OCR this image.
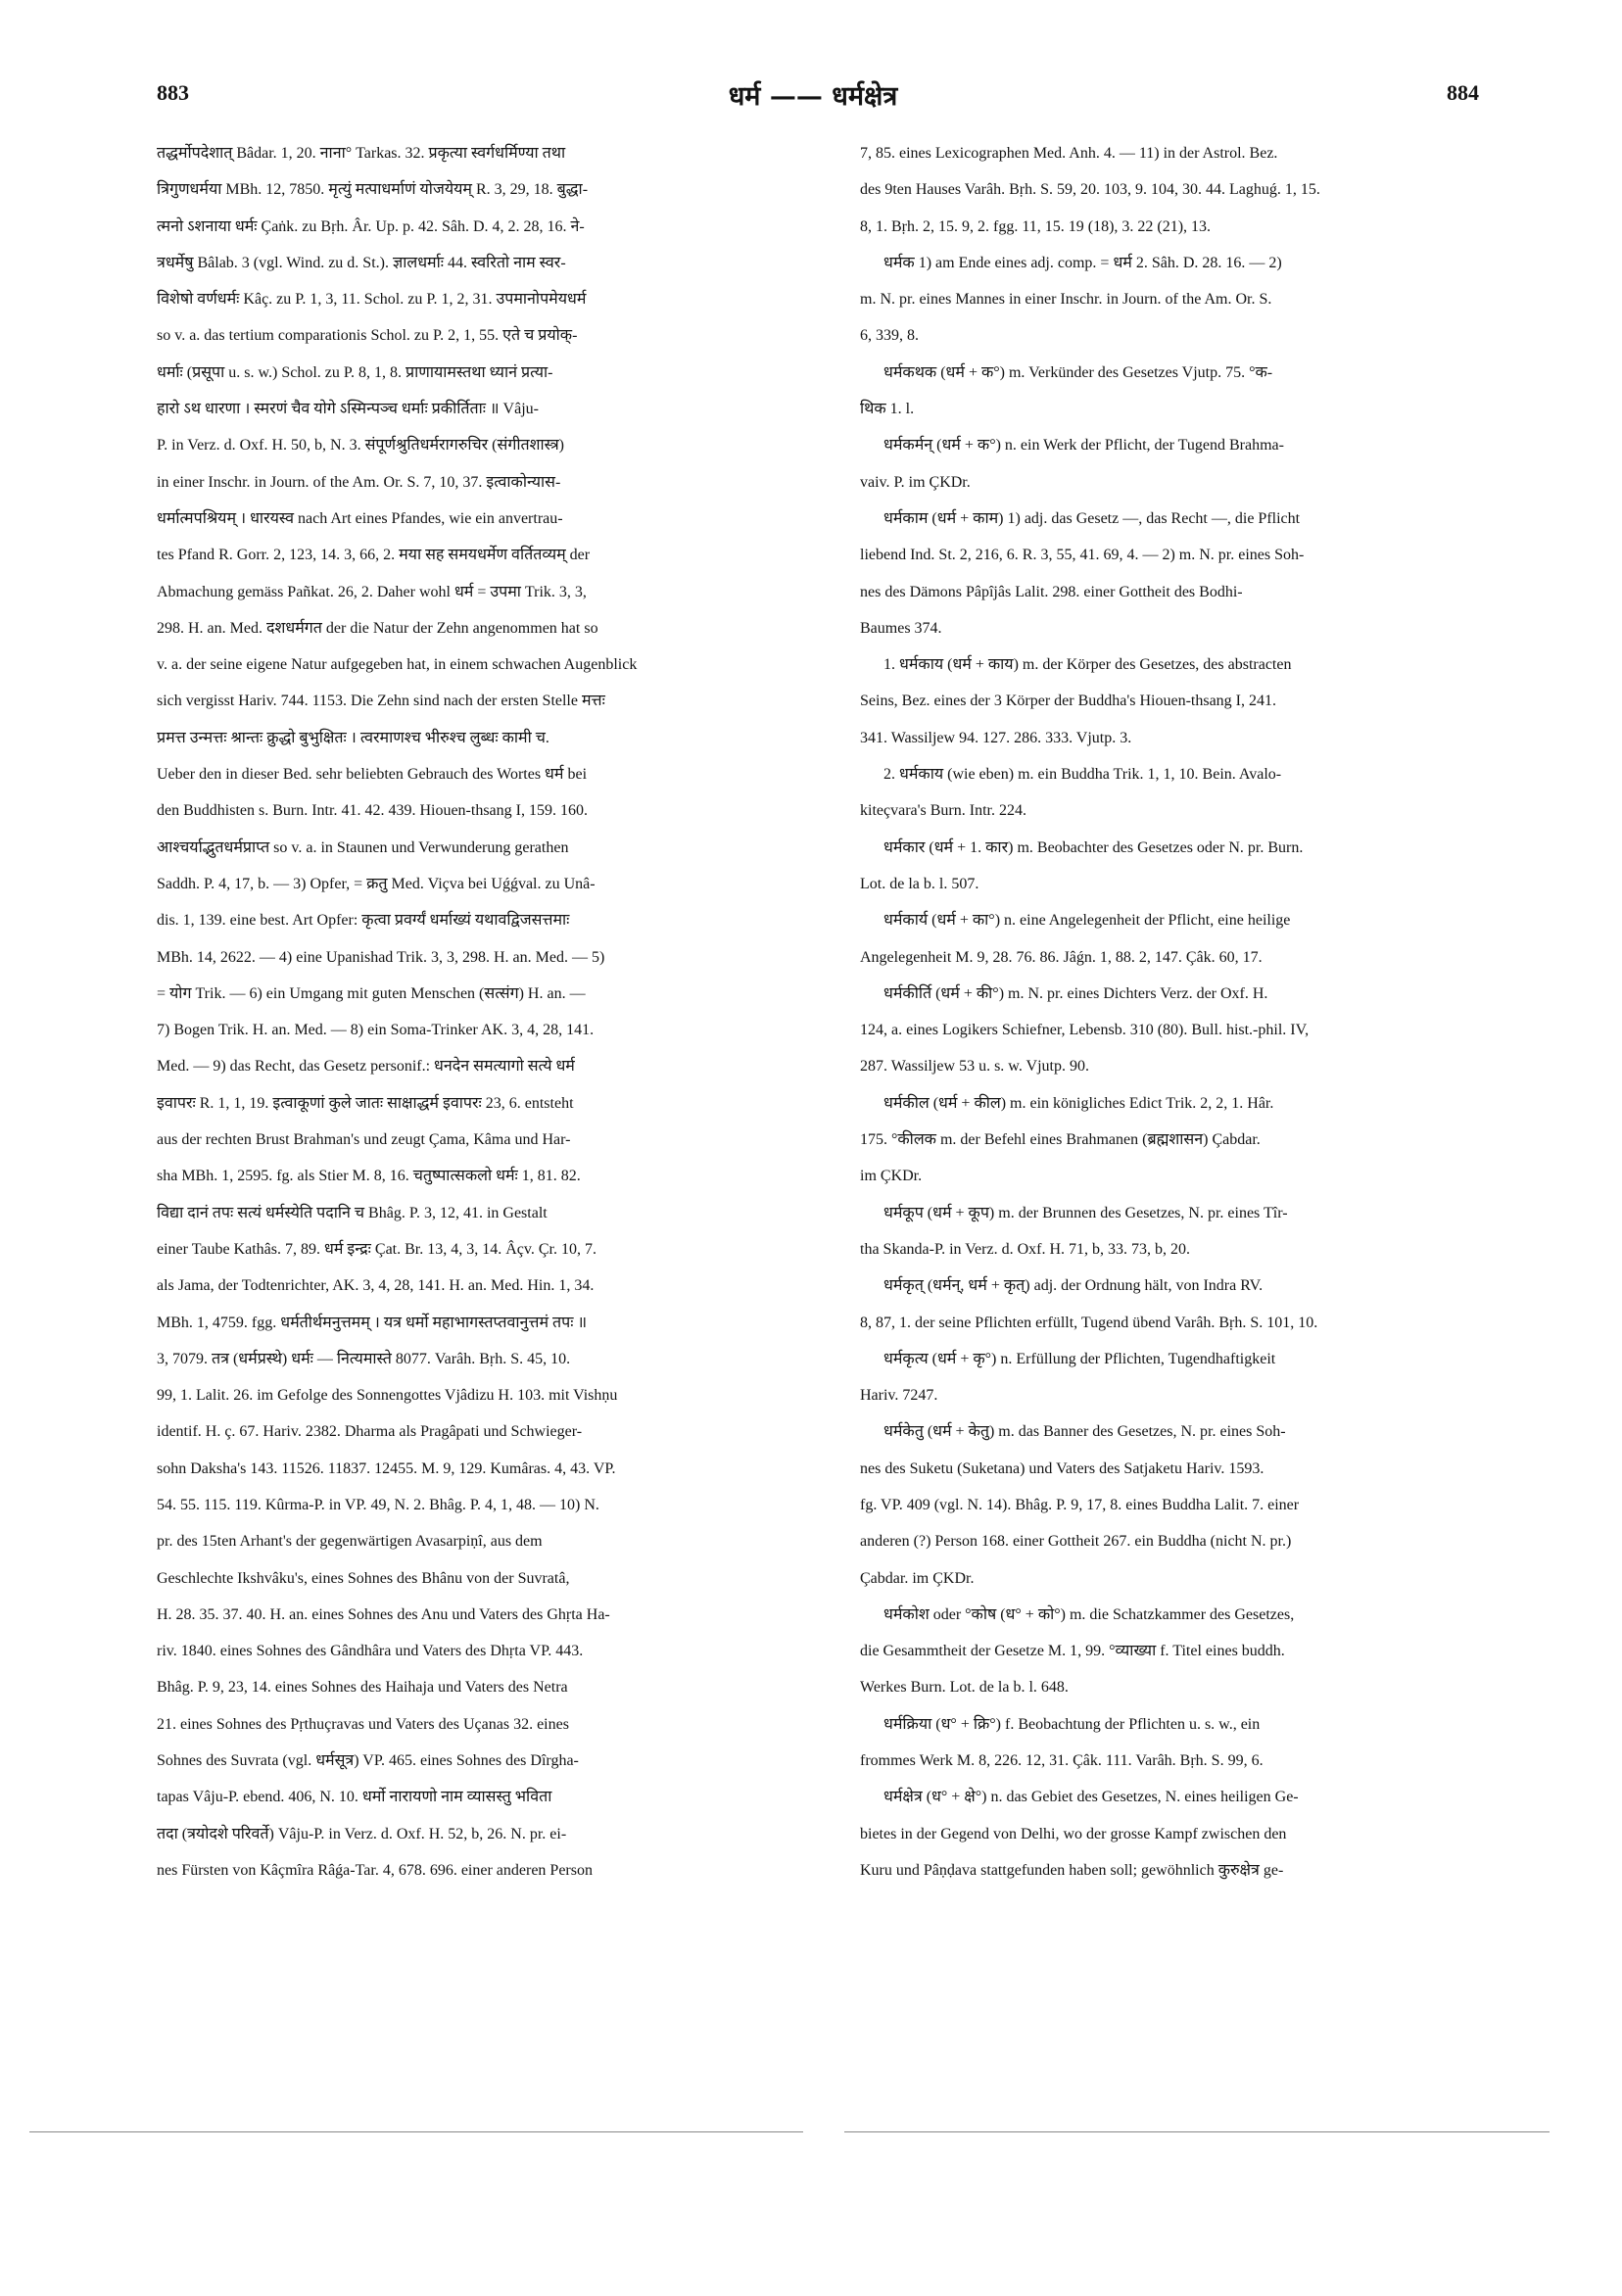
883	धर्म —— धर्मक्षेत्र	884
तद्धर्मोपदेशात् Bâdar. 1, 20. नाना° Tarkas. 32. प्रकृत्या स्वर्गधर्मिण्या तथा
त्रिगुणधर्मया MBh. 12, 7850. मृत्युं मत्पाधर्माणं योजयेयम् R. 3, 29, 18. बुद्धा-
त्मनो ऽशनाया धर्मः Çaṅk. zu Bṛh. Âr. Up. p. 42. Sâh. D. 4, 2. 28, 16. ने-
त्रधर्मेषु Bâlab. 3 (vgl. Wind. zu d. St.). ज्ञालधर्माः 44. स्वरितो नाम स्वर-
विशेषो वर्णधर्मः Kâç. zu P. 1, 3, 11. Schol. zu P. 1, 2, 31. उपमानोपमेयधर्म
so v. a. das tertium comparationis Schol. zu P. 2, 1, 55. एते च प्रयोक्-
धर्माः (प्रसूपा u. s. w.) Schol. zu P. 8, 1, 8. प्राणायामस्तथा ध्यानं प्रत्या-
हारो ऽथ धारणा । स्मरणं चैव योगे ऽस्मिन्पञ्च धर्माः प्रकीर्तिताः ॥ Vâju-
P. in Verz. d. Oxf. H. 50, b, N. 3. संपूर्णश्रुतिधर्मरागरुचिर (संगीतशास्त्र)
in einer Inschr. in Journ. of the Am. Or. S. 7, 10, 37. इत्वाकोन्यास-
धर्मात्मपश्रियम् । धारयस्व nach Art eines Pfandes, wie ein anvertrau-
tes Pfand R. Gorr. 2, 123, 14. 3, 66, 2. मया सह समयधर्मेण वर्तितव्यम् der
Abmachung gemäss Pañkat. 26, 2. Daher wohl धर्म = उपमा Trik. 3, 3,
298. H. an. Med. दशधर्मगत der die Natur der Zehn angenommen hat so
v. a. der seine eigene Natur aufgegeben hat, in einem schwachen Augenblick
sich vergisst Hariv. 744. 1153. Die Zehn sind nach der ersten Stelle मत्तः
प्रमत्त उन्मत्तः श्रान्तः क्रुद्धो बुभुक्षितः । त्वरमाणश्च भीरुश्च लुब्धः कामी च.
Ueber den in dieser Bed. sehr beliebten Gebrauch des Wortes धर्म bei
den Buddhisten s. Burn. Intr. 41. 42. 439. Hiouen-thsang I, 159. 160.
आश्चर्याद्भुतधर्मप्राप्त so v. a. in Staunen und Verwunderung gerathen
Saddh. P. 4, 17, b. — 3) Opfer, = क्रतु Med. Viçva bei Uǵǵval. zu Unâ-
dis. 1, 139. eine best. Art Opfer: कृत्वा प्रवर्ग्यं धर्माख्यं यथावद्विजसत्तमाः
MBh. 14, 2622. — 4) eine Upanishad Trik. 3, 3, 298. H. an. Med. — 5)
= योग Trik. — 6) ein Umgang mit guten Menschen (सत्संग) H. an. —
7) Bogen Trik. H. an. Med. — 8) ein Soma-Trinker AK. 3, 4, 28, 141.
Med. — 9) das Recht, das Gesetz personif.: धनदेन समत्यागो सत्ये धर्म
इवापरः R. 1, 1, 19. इत्वाकूणां कुले जातः साक्षाद्धर्म इवापरः 23, 6. entsteht
aus der rechten Brust Brahman's und zeugt Çama, Kâma und Har-
sha MBh. 1, 2595. fg. als Stier M. 8, 16. चतुष्पात्सकलो धर्मः 1, 81. 82.
विद्या दानं तपः सत्यं धर्मस्येति पदानि च Bhâg. P. 3, 12, 41. in Gestalt
einer Taube Kathâs. 7, 89. धर्म इन्द्रः Çat. Br. 13, 4, 3, 14. Âçv. Çr. 10, 7.
als Jama, der Todtenrichter, AK. 3, 4, 28, 141. H. an. Med. Hin. 1, 34.
MBh. 1, 4759. fgg. धर्मतीर्थमनुत्तमम् । यत्र धर्मो महाभागस्तप्तवानुत्तमं तपः ॥
3, 7079. तत्र (धर्मप्रस्थे) धर्मः — नित्यमास्ते 8077. Varâh. Bṛh. S. 45, 10.
99, 1. Lalit. 26. im Gefolge des Sonnengottes Vjâdizu H. 103. mit Vishṇu
identif. H. ç. 67. Hariv. 2382. Dharma als Pragâpati und Schwieger-
sohn Daksha's 143. 11526. 11837. 12455. M. 9, 129. Kumâras. 4, 43. VP.
54. 55. 115. 119. Kûrma-P. in VP. 49, N. 2. Bhâg. P. 4, 1, 48. — 10) N.
pr. des 15ten Arhant's der gegenwärtigen Avasarpiṇî, aus dem
Geschlechte Ikshvâku's, eines Sohnes des Bhânu von der Suvratâ,
H. 28. 35. 37. 40. H. an. eines Sohnes des Anu und Vaters des Ghṛta Ha-
riv. 1840. eines Sohnes des Gândhâra und Vaters des Dhṛta VP. 443.
Bhâg. P. 9, 23, 14. eines Sohnes des Haihaja und Vaters des Netra
21. eines Sohnes des Pṛthuçravas und Vaters des Uçanas 32. eines
Sohnes des Suvrata (vgl. धर्मसूत्र) VP. 465. eines Sohnes des Dîrgha-
tapas Vâju-P. ebend. 406, N. 10. धर्मो नारायणो नाम व्यासस्तु भविता
तदा (त्रयोदशे परिवर्ते) Vâju-P. in Verz. d. Oxf. H. 52, b, 26. N. pr. ei-
nes Fürsten von Kâçmîra Râǵa-Tar. 4, 678. 696. einer anderen Person
7, 85. eines Lexicographen Med. Anh. 4. — 11) in der Astrol. Bez.
des 9ten Hauses Varâh. Bṛh. S. 59, 20. 103, 9. 104, 30. 44. Laghuǵ. 1, 15.
8, 1. Bṛh. 2, 15. 9, 2. fgg. 11, 15. 19 (18), 3. 22 (21), 13.
धर्मक 1) am Ende eines adj. comp. = धर्म 2. Sâh. D. 28. 16. — 2)
m. N. pr. eines Mannes in einer Inschr. in Journ. of the Am. Or. S.
6, 339, 8.
धर्मकथक (धर्म + क°) m. Verkünder des Gesetzes Vjutp. 75. °क-
थिक 1. l.
धर्मकर्मन् (धर्म + क°) n. ein Werk der Pflicht, der Tugend Brahma-
vaiv. P. im ÇKDr.
धर्मकाम (धर्म + काम) 1) adj. das Gesetz —, das Recht —, die Pflicht
liebend Ind. St. 2, 216, 6. R. 3, 55, 41. 69, 4. — 2) m. N. pr. eines Soh-
nes des Dämons Pâpîjâs Lalit. 298. einer Gottheit des Bodhi-
Baumes 374.
1. धर्मकाय (धर्म + काय) m. der Körper des Gesetzes, des abstracten
Seins, Bez. eines der 3 Körper der Buddha's Hiouen-thsang I, 241.
341. Wassiljew 94. 127. 286. 333. Vjutp. 3.
2. धर्मकाय (wie eben) m. ein Buddha Trik. 1, 1, 10. Bein. Avalo-
kiteçvara's Burn. Intr. 224.
धर्मकार (धर्म + 1. कार) m. Beobachter des Gesetzes oder N. pr. Burn.
Lot. de la b. l. 507.
धर्मकार्य (धर्म + का°) n. eine Angelegenheit der Pflicht, eine heilige
Angelegenheit M. 9, 28. 76. 86. Jâǵn. 1, 88. 2, 147. Çâk. 60, 17.
धर्मकीर्ति (धर्म + की°) m. N. pr. eines Dichters Verz. der Oxf. H.
124, a. eines Logikers Schiefner, Lebensb. 310 (80). Bull. hist.-phil. IV,
287. Wassiljew 53 u. s. w. Vjutp. 90.
धर्मकील (धर्म + कील) m. ein königliches Edict Trik. 2, 2, 1. Hâr.
175. °कीलक m. der Befehl eines Brahmanen (ब्रह्मशासन) Çabdar.
im ÇKDr.
धर्मकूप (धर्म + कूप) m. der Brunnen des Gesetzes, N. pr. eines Tîr-
tha Skanda-P. in Verz. d. Oxf. H. 71, b, 33. 73, b, 20.
धर्मकृत् (धर्मन्, धर्म + कृत्) adj. der Ordnung hält, von Indra RV.
8, 87, 1. der seine Pflichten erfüllt, Tugend übend Varâh. Bṛh. S. 101, 10.
धर्मकृत्य (धर्म + कृ°) n. Erfüllung der Pflichten, Tugendhaftigkeit
Hariv. 7247.
धर्मकेतु (धर्म + केतु) m. das Banner des Gesetzes, N. pr. eines Soh-
nes des Suketu (Suketana) und Vaters des Satjaketu Hariv. 1593.
fg. VP. 409 (vgl. N. 14). Bhâg. P. 9, 17, 8. eines Buddha Lalit. 7. einer
anderen (?) Person 168. einer Gottheit 267. ein Buddha (nicht N. pr.)
Çabdar. im ÇKDr.
धर्मकोश oder °कोष (ध° + को°) m. die Schatzkammer des Gesetzes,
die Gesammtheit der Gesetze M. 1, 99. °व्याख्या f. Titel eines buddh.
Werkes Burn. Lot. de la b. l. 648.
धर्मक्रिया (ध° + क्रि°) f. Beobachtung der Pflichten u. s. w., ein
frommes Werk M. 8, 226. 12, 31. Çâk. 111. Varâh. Bṛh. S. 99, 6.
धर्मक्षेत्र (ध° + क्षे°) n. das Gebiet des Gesetzes, N. eines heiligen Ge-
bietes in der Gegend von Delhi, wo der grosse Kampf zwischen den
Kuru und Pâṇḍava stattgefunden haben soll; gewöhnlich कुरुक्षेत्र ge-
